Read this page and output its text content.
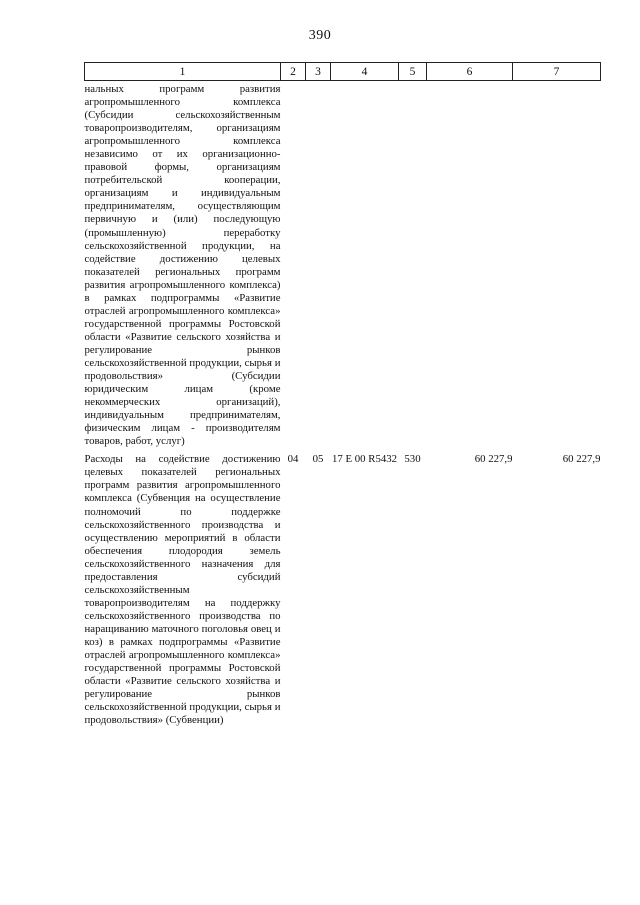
390
1	2	3	4	5	6	7
нальных программ развития агропромышленного комплекса (Субсидии сельскохозяйственным товаропроизводителям, организациям агропромышленного комплекса независимо от их организационно-правовой формы, организациям потребительской кооперации, организациям и индивидуальным предпринимателям, осуществляющим первичную и (или) последующую (промышленную) переработку сельскохозяйственной продукции, на содействие достижению целевых показателей региональных программ развития агропромышленного комплекса) в рамках подпрограммы «Развитие отраслей агропромышленного комплекса» государственной программы Ростовской области «Развитие сельского хозяйства и регулирование рынков сельскохозяйственной продукции, сырья и продовольствия» (Субсидии юридическим лицам (кроме некоммерческих организаций), индивидуальным предпринимателям, физическим лицам - производителям товаров, работ, услуг)						
Расходы на содействие достижению целевых показателей региональных программ развития агропромышленного комплекса (Субвенция на осуществление полномочий по поддержке сельскохозяйственного производства и осуществлению мероприятий в области обеспечения плодородия земель сельскохозяйственного назначения для предоставления субсидий сельскохозяйственным товаропроизводителям на поддержку сельскохозяйственного производства по наращиванию маточного поголовья овец и коз) в рамках подпрограммы «Развитие отраслей агропромышленного комплекса» государственной программы Ростовской области «Развитие сельского хозяйства и регулирование рынков сельскохозяйственной продукции, сырья и продовольствия» (Субвенции)	04	05	17 Е 00 R5432	530	60 227,9	60 227,9
